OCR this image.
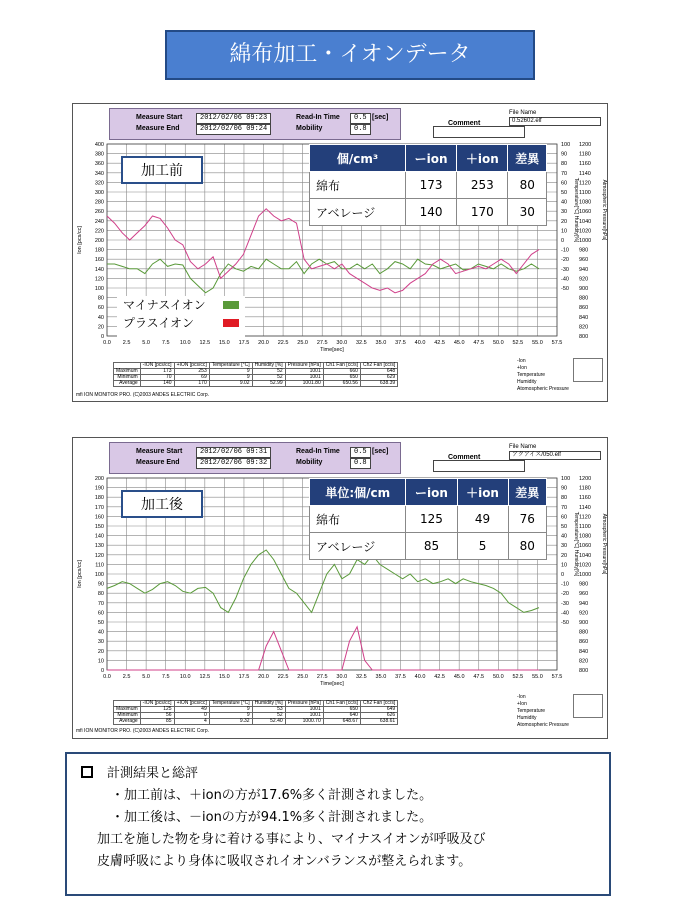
綿布加工・イオンデータ
Measure Start	2012/02/06 09:23
Measure End	2012/02/06 09:24
Read-In Time	0.5 [sec]
Mobility	0.8
Comment
File Name
0.52602.elf
0.0 2.5 5.0 7.5 10.0 12.5 15.0 17.5 20.0 22.5 25.0 27.5 30.0 32.5 35.0 37.5 40.0 42.5 45.0 47.5 50.0 52.5 55.0 57.5
400
380
360
340
320
300
280
260
240
220
200
180
160
140
120
100
80
60
40
20
0
100
90
80
70
60
50
40
30
20
10
0
-10
-20
-30
-40
-50
1200
1180
1160
1140
1120
1100
1080
1060
1040
1020
1000
980
960
940
920
900
880
860
840
820
800
Time[sec]
Ion [pcs/cc]	Temperature[°C] Humidity[%]	Atmospheric Pressure[hPa]
加工前
個/cm³	ーion	＋ion	差異
綿布	173	253	80
アベレージ	140	170	30
マイナスイオン
プラスイオン
	-ION [pcs/cc]	+ION [pcs/cc]	Temperature [°C]	Humidity [%]	Pressure [hPa]	Ch1 Fan [cc/s]	Ch2 Fan [cc/s]
Maximum	173	253	9	52	1001	660	648
Minimum	70	69	9	52	1001	650	629
Average	140	170	9.02	52.99	1001.80	650.56	638.39
-Ion
+Ion
Temperature
Humidity
Atomospheric Pressure
mfi ION MONITOR PRO. (C)2003 ANDES ELECTRIC Corp.
Measure Start	2012/02/06 09:31
Measure End	2012/02/06 09:32
Read-In Time	0.5 [sec]
Mobility	0.8
Comment
File Name
アクアイス/050.elf
0.0 2.5 5.0 7.5 10.0 12.5 15.0 17.5 20.0 22.5 25.0 27.5 30.0 32.5 35.0 37.5 40.0 42.5 45.0 47.5 50.0 52.5 55.0 57.5
200
190
180
170
160
150
140
130
120
110
100
90
80
70
60
50
40
30
20
10
0
100
90
80
70
60
50
40
30
20
10
0
-10
-20
-30
-40
-50
1200
1180
1160
1140
1120
1100
1080
1060
1040
1020
1000
980
960
940
920
900
880
860
840
820
800
Time[sec]
Ion [pcs/cc]	Temperature[°C] Humidity[%]	Atmospheric Pressure[hPa]
加工後
単位:個/cm	ーion	＋ion	差異
綿布	125	49	76
アベレージ	85	5	80
	-ION [pcs/cc]	+ION [pcs/cc]	Temperature [°C]	Humidity [%]	Pressure [hPa]	Ch1 Fan [cc/s]	Ch2 Fan [cc/s]
Maximum	125	49	9	53	1001	650	649
Minimum	56	0	9	52	1001	640	626
Average	85	4	9.32	52.40	1000.70	648.67	638.61
-Ion
+Ion
Temperature
Humidity
Atomospheric Pressure
mfi ION MONITOR PRO. (C)2003 ANDES ELECTRIC Corp.
計測結果と総評
・加工前は、＋ionの方が17.6%多く計測されました。
・加工後は、－ionの方が94.1%多く計測されました。
加工を施した物を身に着ける事により、マイナスイオンが呼吸及び
皮膚呼吸により身体に吸収されイオンバランスが整えられます。
